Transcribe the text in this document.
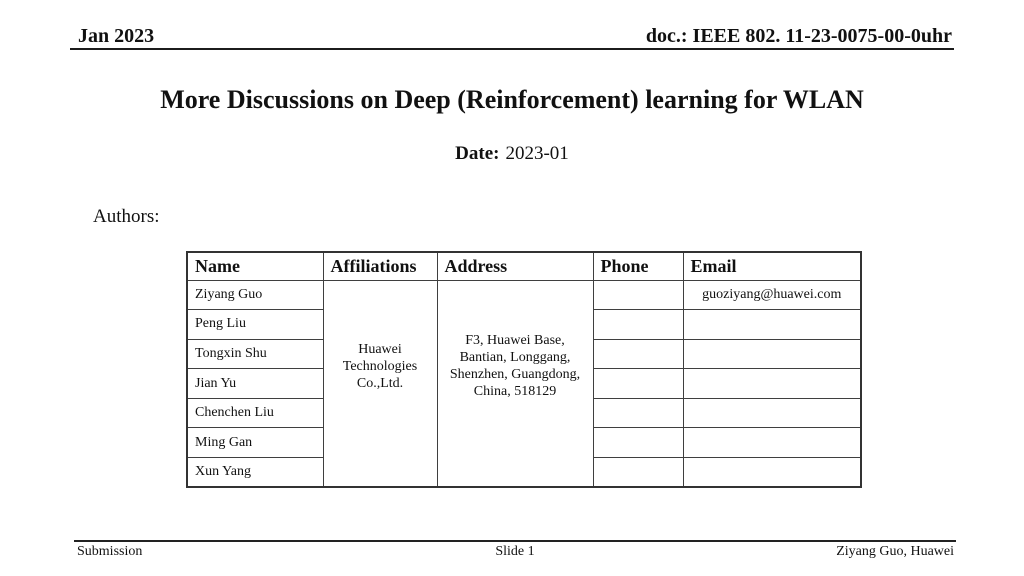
Jan 2023	doc.: IEEE 802. 11-23-0075-00-0uhr
More Discussions on Deep (Reinforcement) learning for WLAN
Date: 2023-01
Authors:
Name	Affiliations	Address	Phone	Email
Ziyang Guo	Huawei Technologies Co.,Ltd.	F3, Huawei Base, Bantian, Longgang, Shenzhen, Guangdong, China, 518129		guoziyang@huawei.com
Peng Liu				
Tongxin Shu				
Jian Yu				
Chenchen Liu				
Ming Gan				
Xun Yang				
Submission	Slide 1	Ziyang Guo, Huawei
